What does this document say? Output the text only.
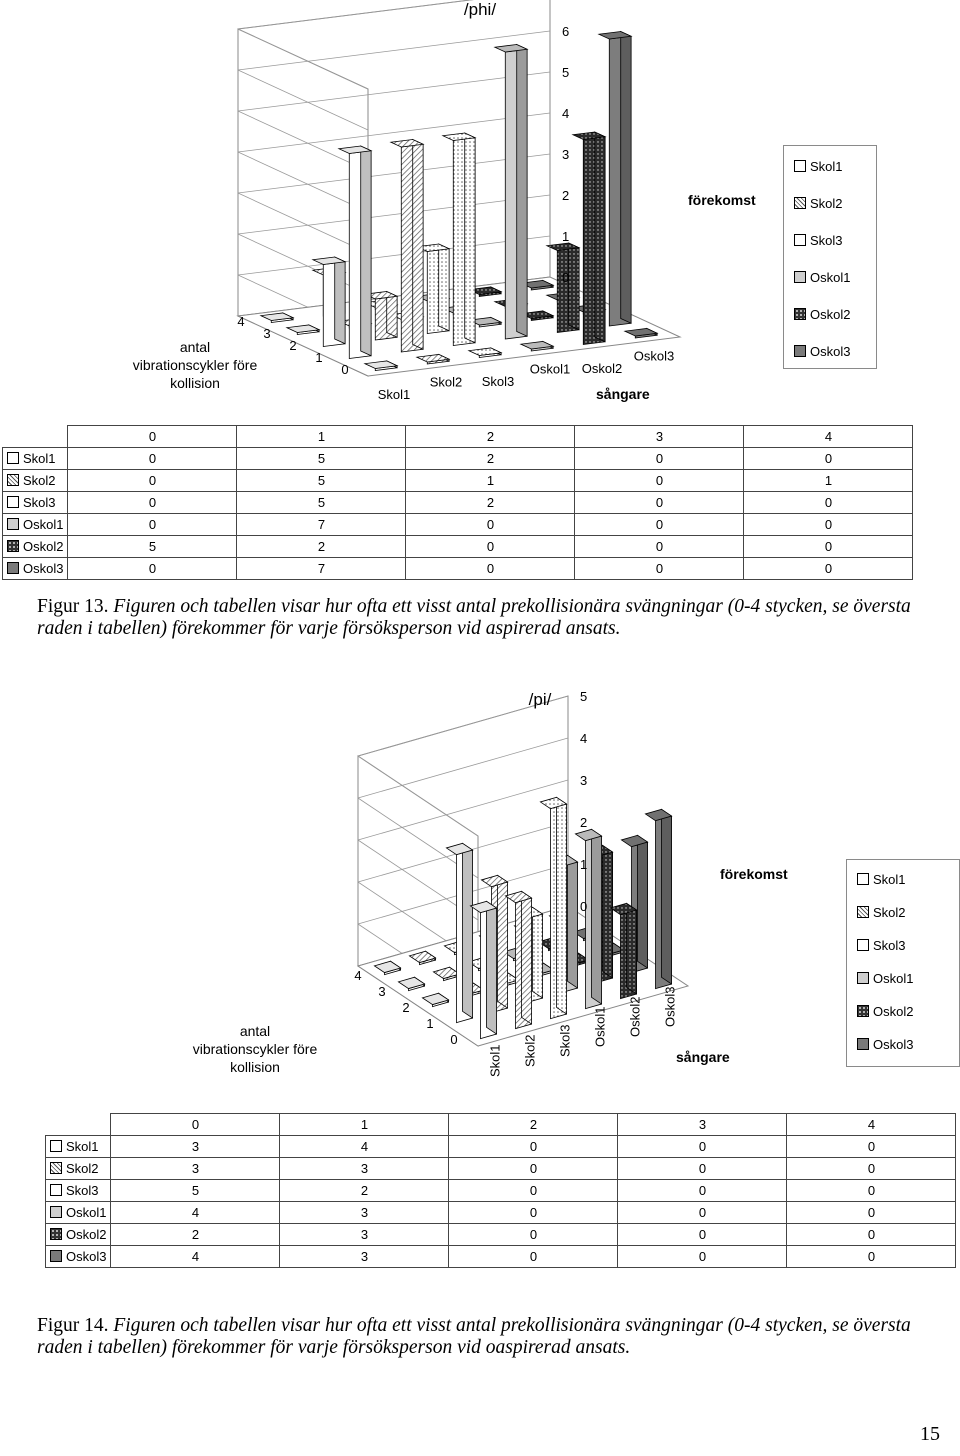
0
1
2
3
4
5
6
0
1
2
3
4
Skol1
Skol2 Skol3
Oskol1 Oskol2
Oskol3
/phi/
antal vibrationscykler före kollision
förekomst
sångare
Skol1
Skol2
Skol3
Oskol1
Oskol2
Oskol3
	0	1	2	3	4
Skol1	0	5	2	0	0
Skol2	0	5	1	0	1
Skol3	0	5	2	0	0
Oskol1	0	7	0	0	0
Oskol2	5	2	0	0	0
Oskol3	0	7	0	0	0
Figur 13. Figuren och tabellen visar hur ofta ett visst antal prekollisionära svängningar (0-4 stycken, se översta raden i tabellen) förekommer för varje försöksperson vid aspirerad ansats.
0
1
2
3
4
5
0
1
2
3
4
Skol1 Skol2 Skol3 Oskol1 Oskol2 Oskol3
/pi/
antal vibrationscykler före kollision
förekomst
sångare
Skol1
Skol2
Skol3
Oskol1
Oskol2
Oskol3
	0	1	2	3	4
Skol1	3	4	0	0	0
Skol2	3	3	0	0	0
Skol3	5	2	0	0	0
Oskol1	4	3	0	0	0
Oskol2	2	3	0	0	0
Oskol3	4	3	0	0	0
Figur 14. Figuren och tabellen visar hur ofta ett visst antal prekollisionära svängningar (0-4 stycken, se översta raden i tabellen) förekommer för varje försöksperson vid oaspirerad ansats.
15
